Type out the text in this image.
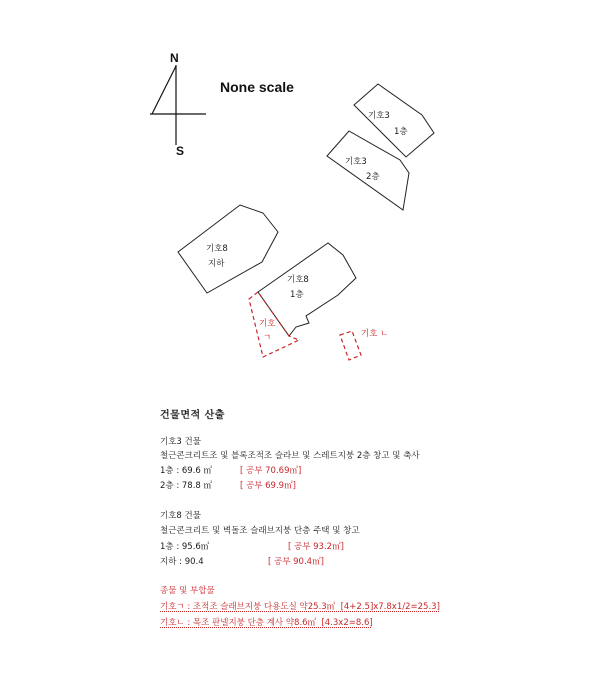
N
S
None scale
기호3
1층
기호3
2층
기호8
지하
기호8
1층
기호
ㄱ	기호 ㄴ
건물면적 산출
기호3 건물
철근콘크리트조 및 블록조적조 슬라브 및 스레트지붕 2층 창고 및 축사
1층 : 69.6 ㎡	[ 공부 70.69㎡]
2층 : 78.8 ㎡	[ 공부 69.9㎡]
기호8 건물
철근콘크리트 및 벽돌조 슬래브지붕 단층 주택 및 창고
1층 : 95.6㎡	[ 공부 93.2㎡]
지하 : 90.4	[ 공부 90.4㎡]
종물 및 부합물
기호ㄱ : 조적조 슬래브지붕 다용도실 약25.3㎡  [4+2.5]x7.8x1/2=25.3]
기호ㄴ : 목조 판넬지붕 단층 계사 약8.6㎡  [4.3x2=8.6]
